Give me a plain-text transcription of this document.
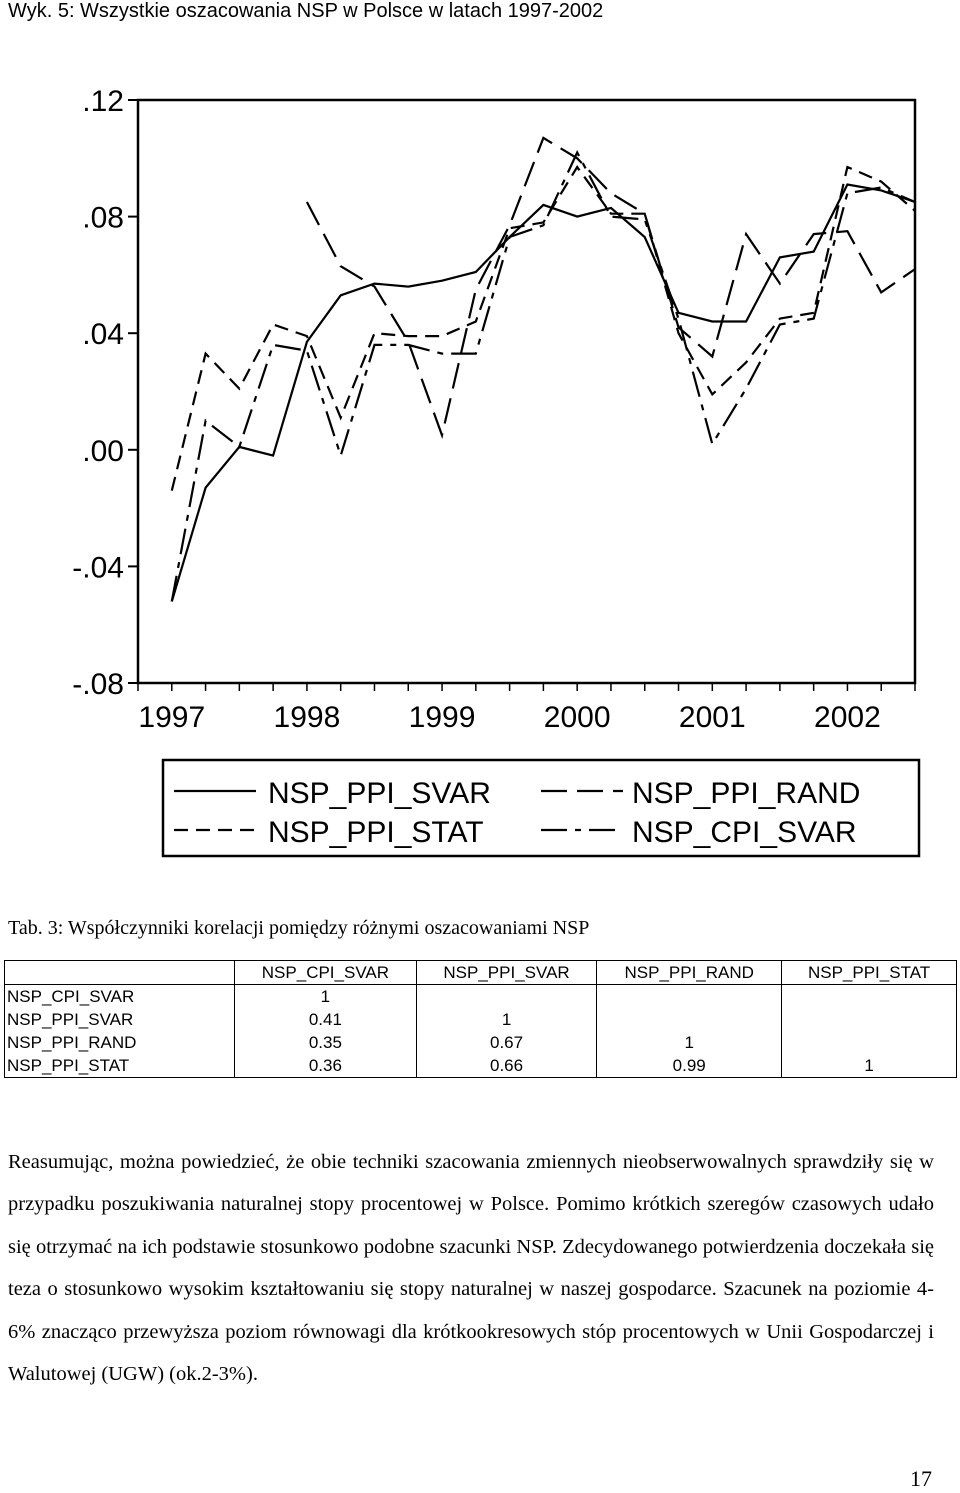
Wyk. 5: Wszystkie oszacowania NSP w Polsce w latach 1997-2002
.12
.08
.04
.00
-.04
-.08
1997 1998 1999 2000 2001 2002
NSP_PPI_SVAR	NSP_PPI_RAND
NSP_PPI_STAT	NSP_CPI_SVAR
Tab. 3: Współczynniki korelacji pomiędzy różnymi oszacowaniami NSP
	NSP_CPI_SVAR	NSP_PPI_SVAR	NSP_PPI_RAND	NSP_PPI_STAT
NSP_CPI_SVAR	1			
NSP_PPI_SVAR	0.41	1		
NSP_PPI_RAND	0.35	0.67	1	
NSP_PPI_STAT	0.36	0.66	0.99	1

Reasumując, można powiedzieć, że obie techniki szacowania zmiennych nieobserwowalnych sprawdziły się w przypadku poszukiwania naturalnej stopy procentowej w Polsce. Pomimo krótkich szeregów czasowych udało się otrzymać na ich podstawie stosunkowo podobne szacunki NSP. Zdecydowanego potwierdzenia doczekała się teza o stosunkowo wysokim kształtowaniu się stopy naturalnej w naszej gospodarce. Szacunek na poziomie 4-6% znacząco przewyższa poziom równowagi dla krótkookresowych stóp procentowych w Unii Gospodarczej i Walutowej (UGW) (ok.2-3%).

17
